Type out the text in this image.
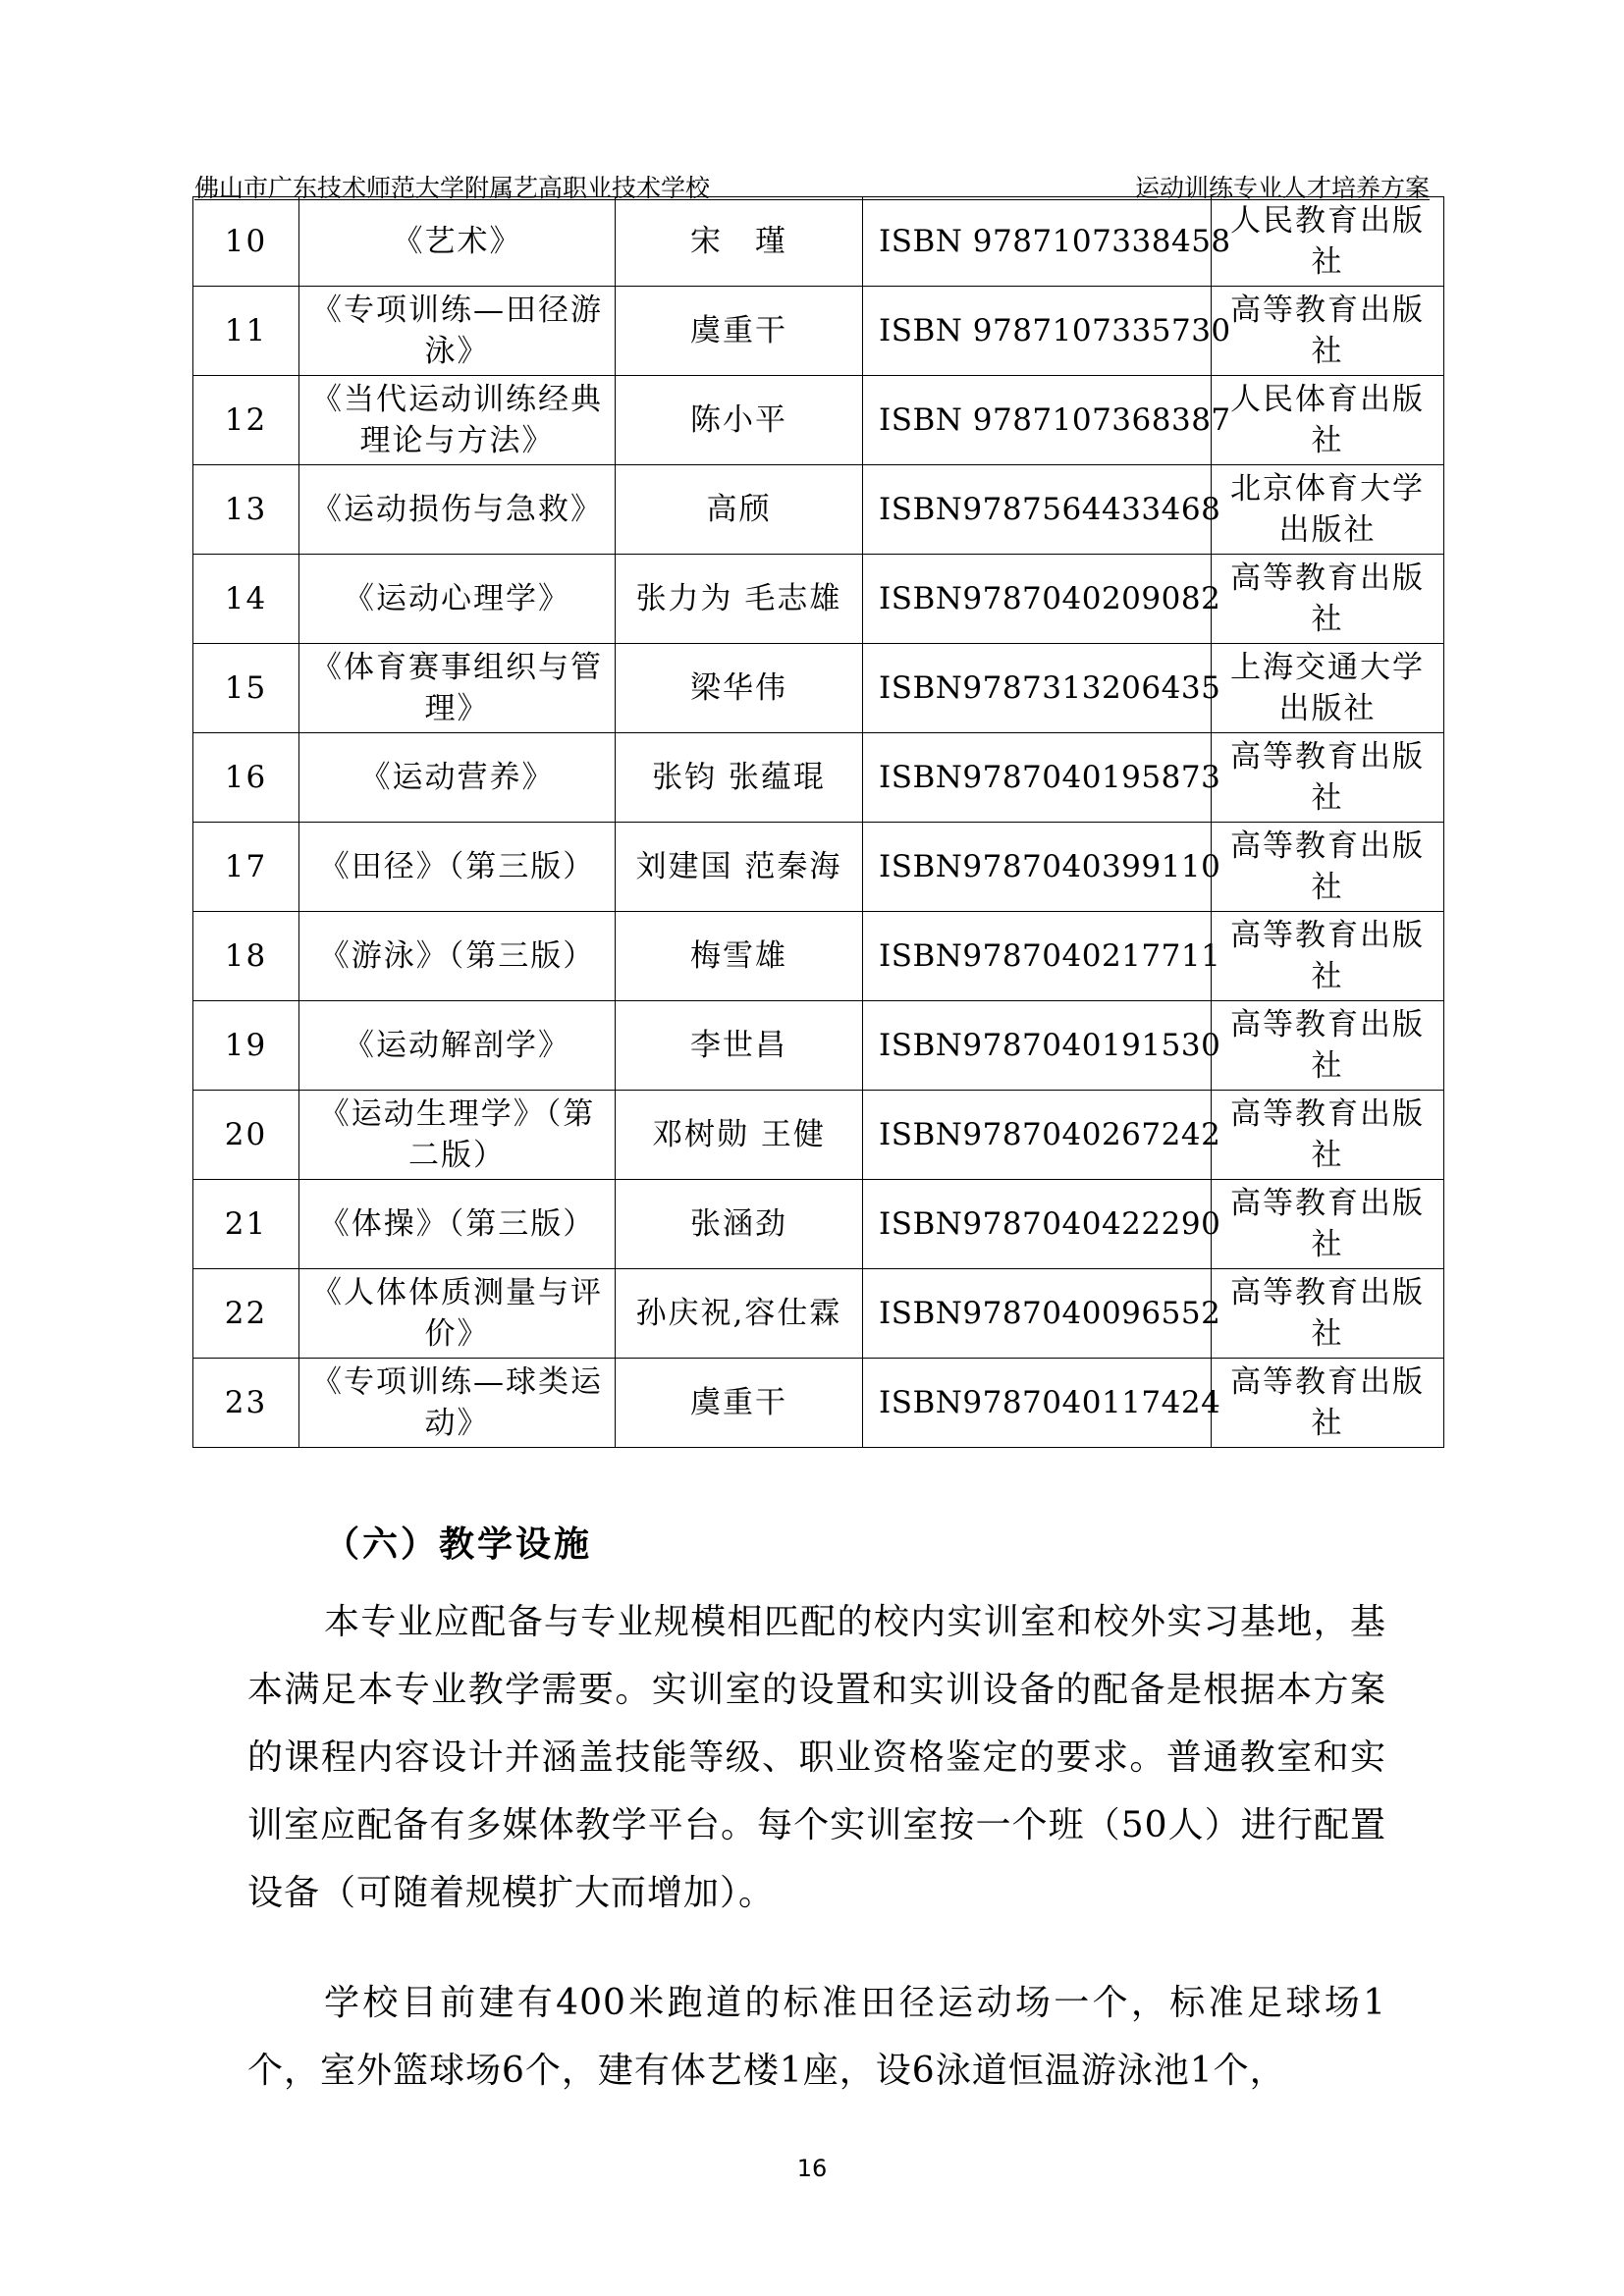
佛山市广东技术师范大学附属艺高职业技术学校	运动训练专业人才培养方案
10	《艺术》	宋　瑾	ISBN 9787107338458	人民教育出版社
11	《专项训练—田径游泳》	虞重干	ISBN 9787107335730	高等教育出版社
12	《当代运动训练经典理论与方法》	陈小平	ISBN 9787107368387	人民体育出版社
13	《运动损伤与急救》	高颀	ISBN9787564433468	北京体育大学出版社
14	《运动心理学》	张力为 毛志雄	ISBN9787040209082	高等教育出版社
15	《体育赛事组织与管理》	梁华伟	ISBN9787313206435	上海交通大学出版社
16	《运动营养》	张钧 张蕴琨	ISBN9787040195873	高等教育出版社
17	《田径》（第三版）	刘建国 范秦海	ISBN9787040399110	高等教育出版社
18	《游泳》（第三版）	梅雪雄	ISBN9787040217711	高等教育出版社
19	《运动解剖学》	李世昌	ISBN9787040191530	高等教育出版社
20	《运动生理学》（第二版）	邓树勋 王健	ISBN9787040267242	高等教育出版社
21	《体操》（第三版）	张涵劲	ISBN9787040422290	高等教育出版社
22	《人体体质测量与评价》	孙庆祝,容仕霖	ISBN9787040096552	高等教育出版社
23	《专项训练—球类运动》	虞重干	ISBN9787040117424	高等教育出版社
（六）教学设施

本专业应配备与专业规模相匹配的校内实训室和校外实习基地，基本满足本专业教学需要。实训室的设置和实训设备的配备是根据本方案的课程内容设计并涵盖技能等级、职业资格鉴定的要求。普通教室和实训室应配备有多媒体教学平台。每个实训室按一个班（50人）进行配置设备（可随着规模扩大而增加）。

学校目前建有400米跑道的标准田径运动场一个，标准足球场1个，室外篮球场6个，建有体艺楼1座，设6泳道恒温游泳池1个，

16
